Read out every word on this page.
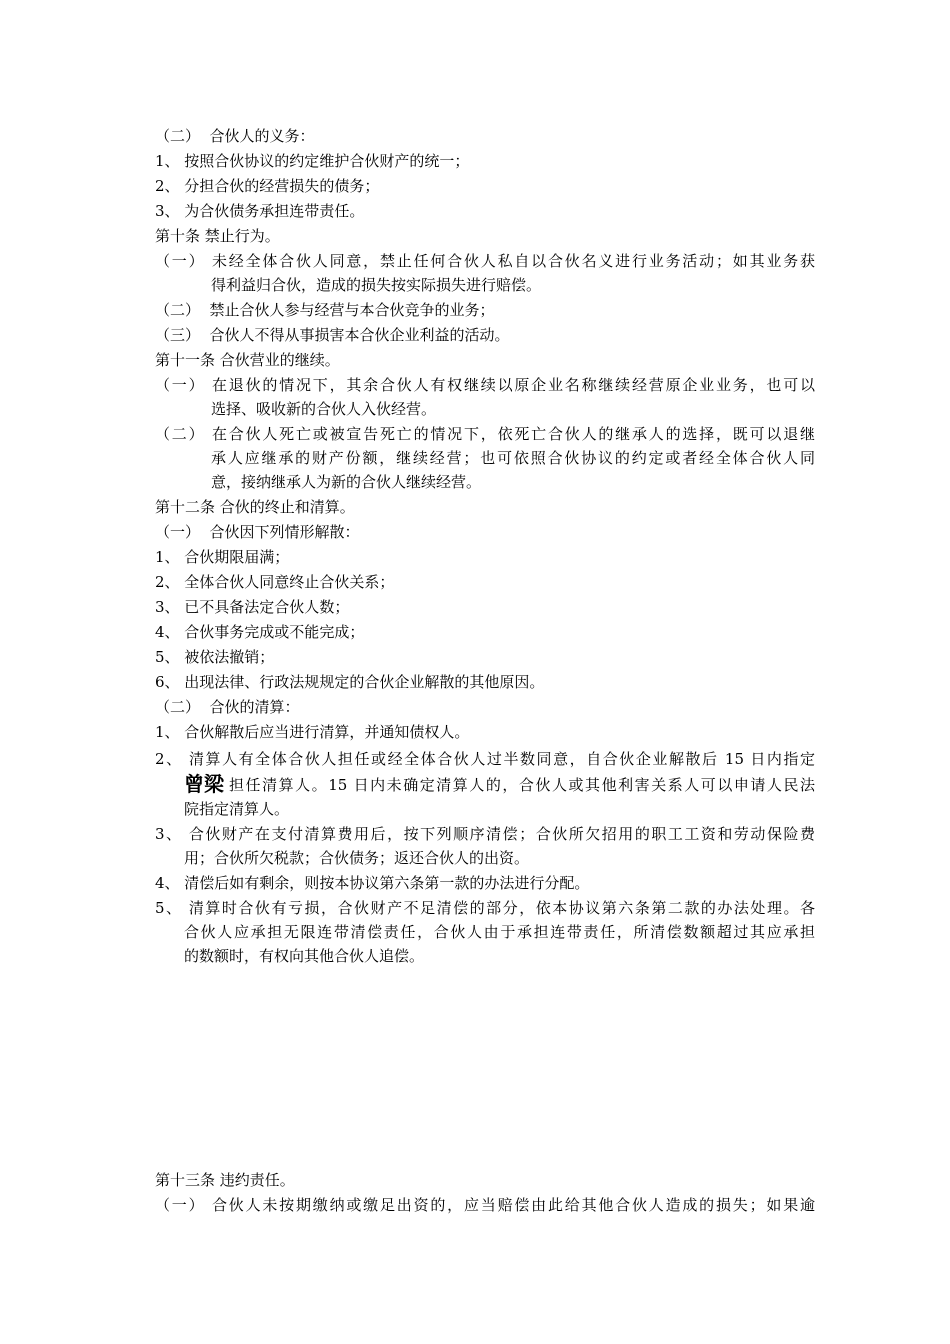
（二）  合伙人的义务：
1、 按照合伙协议的约定维护合伙财产的统一；
2、 分担合伙的经营损失的债务；
3、 为合伙债务承担连带责任。
第十条 禁止行为。
（一） 未经全体合伙人同意，禁止任何合伙人私自以合伙名义进行业务活动；如其业务获
得利益归合伙，造成的损失按实际损失进行赔偿。
（二）  禁止合伙人参与经营与本合伙竞争的业务；
（三）  合伙人不得从事损害本合伙企业利益的活动。
第十一条 合伙营业的继续。
（一） 在退伙的情况下，其余合伙人有权继续以原企业名称继续经营原企业业务，也可以
选择、吸收新的合伙人入伙经营。
（二） 在合伙人死亡或被宣告死亡的情况下，依死亡合伙人的继承人的选择，既可以退继
承人应继承的财产份额，继续经营；也可依照合伙协议的约定或者经全体合伙人同
意，接纳继承人为新的合伙人继续经营。
第十二条 合伙的终止和清算。
（一）  合伙因下列情形解散：
1、 合伙期限届满；
2、 全体合伙人同意终止合伙关系；
3、 已不具备法定合伙人数；
4、 合伙事务完成或不能完成；
5、 被依法撤销；
6、 出现法律、行政法规规定的合伙企业解散的其他原因。
（二）  合伙的清算：
1、 合伙解散后应当进行清算，并通知债权人。
2、 清算人有全体合伙人担任或经全体合伙人过半数同意，自合伙企业解散后 15 日内指定
曾梁 担任清算人。15 日内未确定清算人的，合伙人或其他利害关系人可以申请人民法
院指定清算人。
3、 合伙财产在支付清算费用后，按下列顺序清偿；合伙所欠招用的职工工资和劳动保险费
用；合伙所欠税款；合伙债务；返还合伙人的出资。
4、 清偿后如有剩余，则按本协议第六条第一款的办法进行分配。
5、 清算时合伙有亏损，合伙财产不足清偿的部分，依本协议第六条第二款的办法处理。各
合伙人应承担无限连带清偿责任，合伙人由于承担连带责任，所清偿数额超过其应承担
的数额时，有权向其他合伙人追偿。
第十三条 违约责任。
（一） 合伙人未按期缴纳或缴足出资的，应当赔偿由此给其他合伙人造成的损失；如果逾
